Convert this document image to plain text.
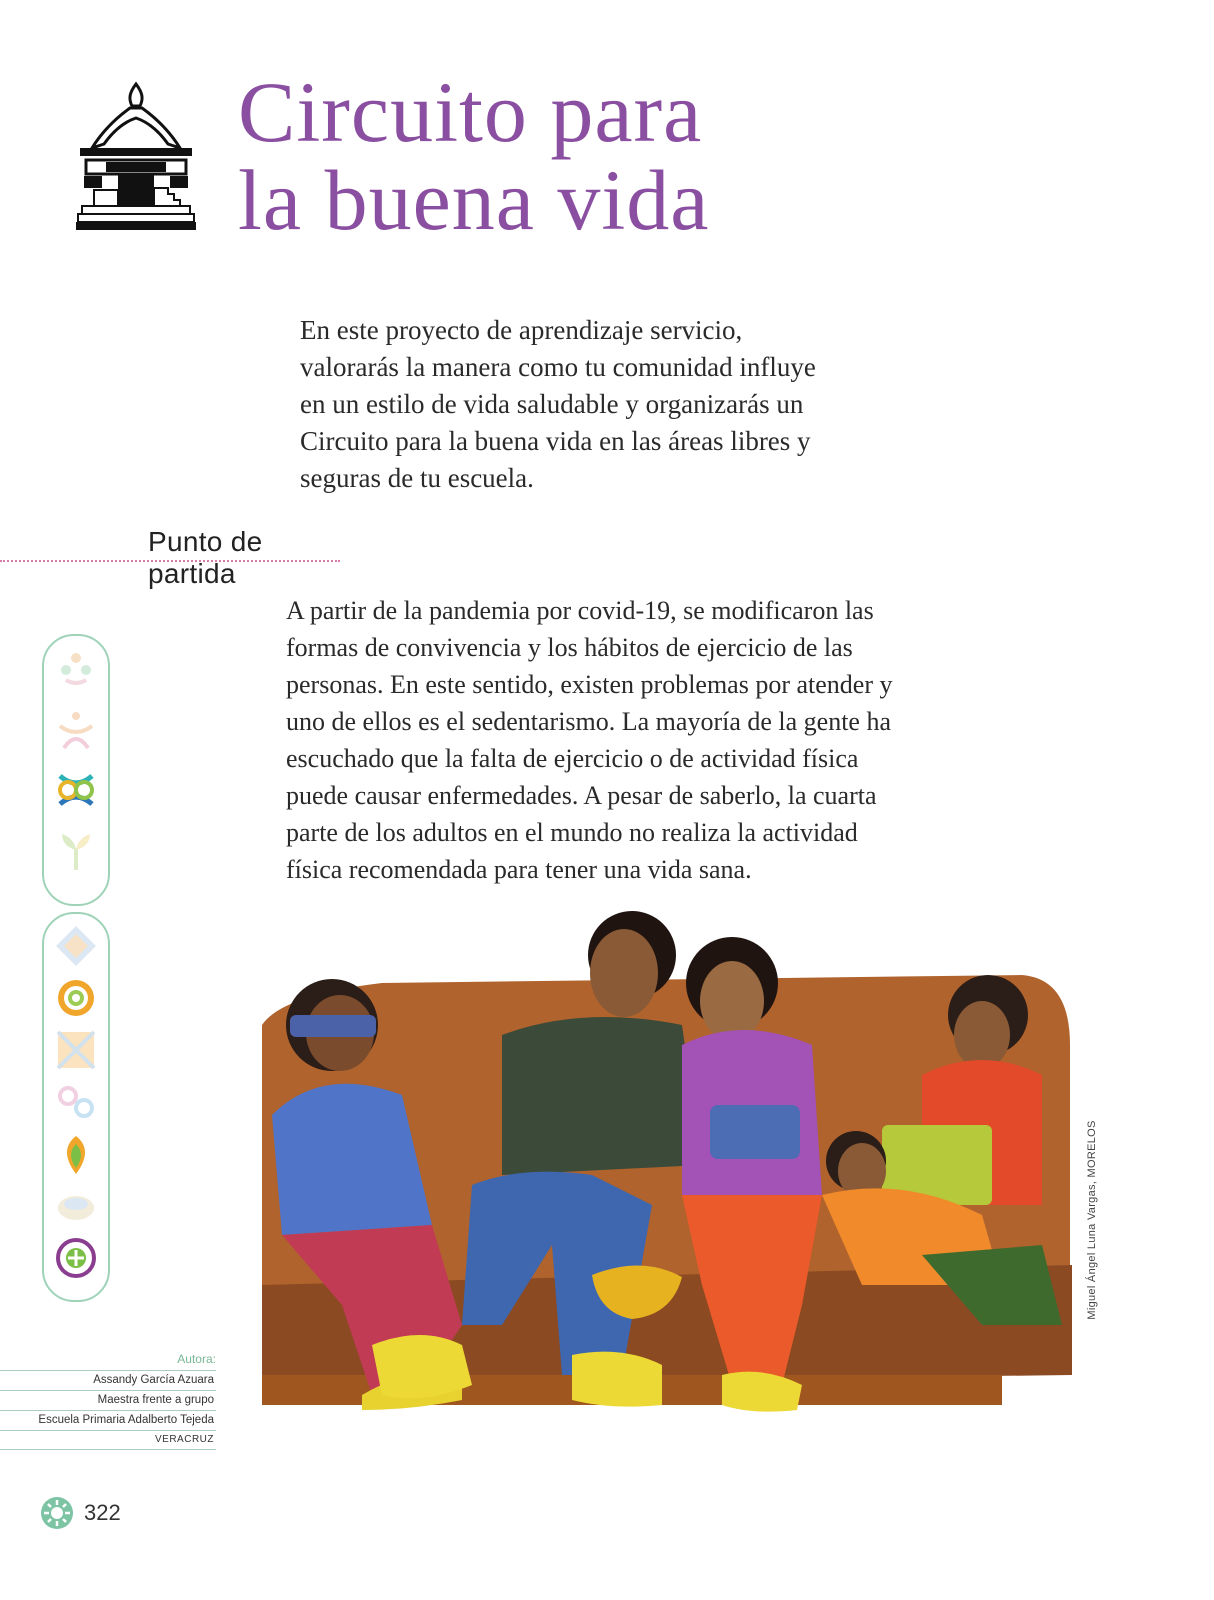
Circuito para
la buena vida

En este proyecto de aprendizaje servicio, valorarás la manera como tu comunidad influye en un estilo de vida saludable y organizarás un Circuito para la buena vida en las áreas libres y seguras de tu escuela.

Punto de partida

A partir de la pandemia por covid-19, se modificaron las formas de convivencia y los hábitos de ejercicio de las personas. En este sentido, existen problemas por atender y uno de ellos es el sedentarismo. La mayoría de la gente ha escuchado que la falta de ejercicio o de actividad física puede causar enfermedades. A pesar de saberlo, la cuarta parte de los adultos en el mundo no realiza la actividad física recomendada para tener una vida sana.

Miguel Ángel Luna Vargas, MORELOS
Autora:
Assandy García Azuara
Maestra frente a grupo
Escuela Primaria Adalberto Tejeda
VERACRUZ
322
